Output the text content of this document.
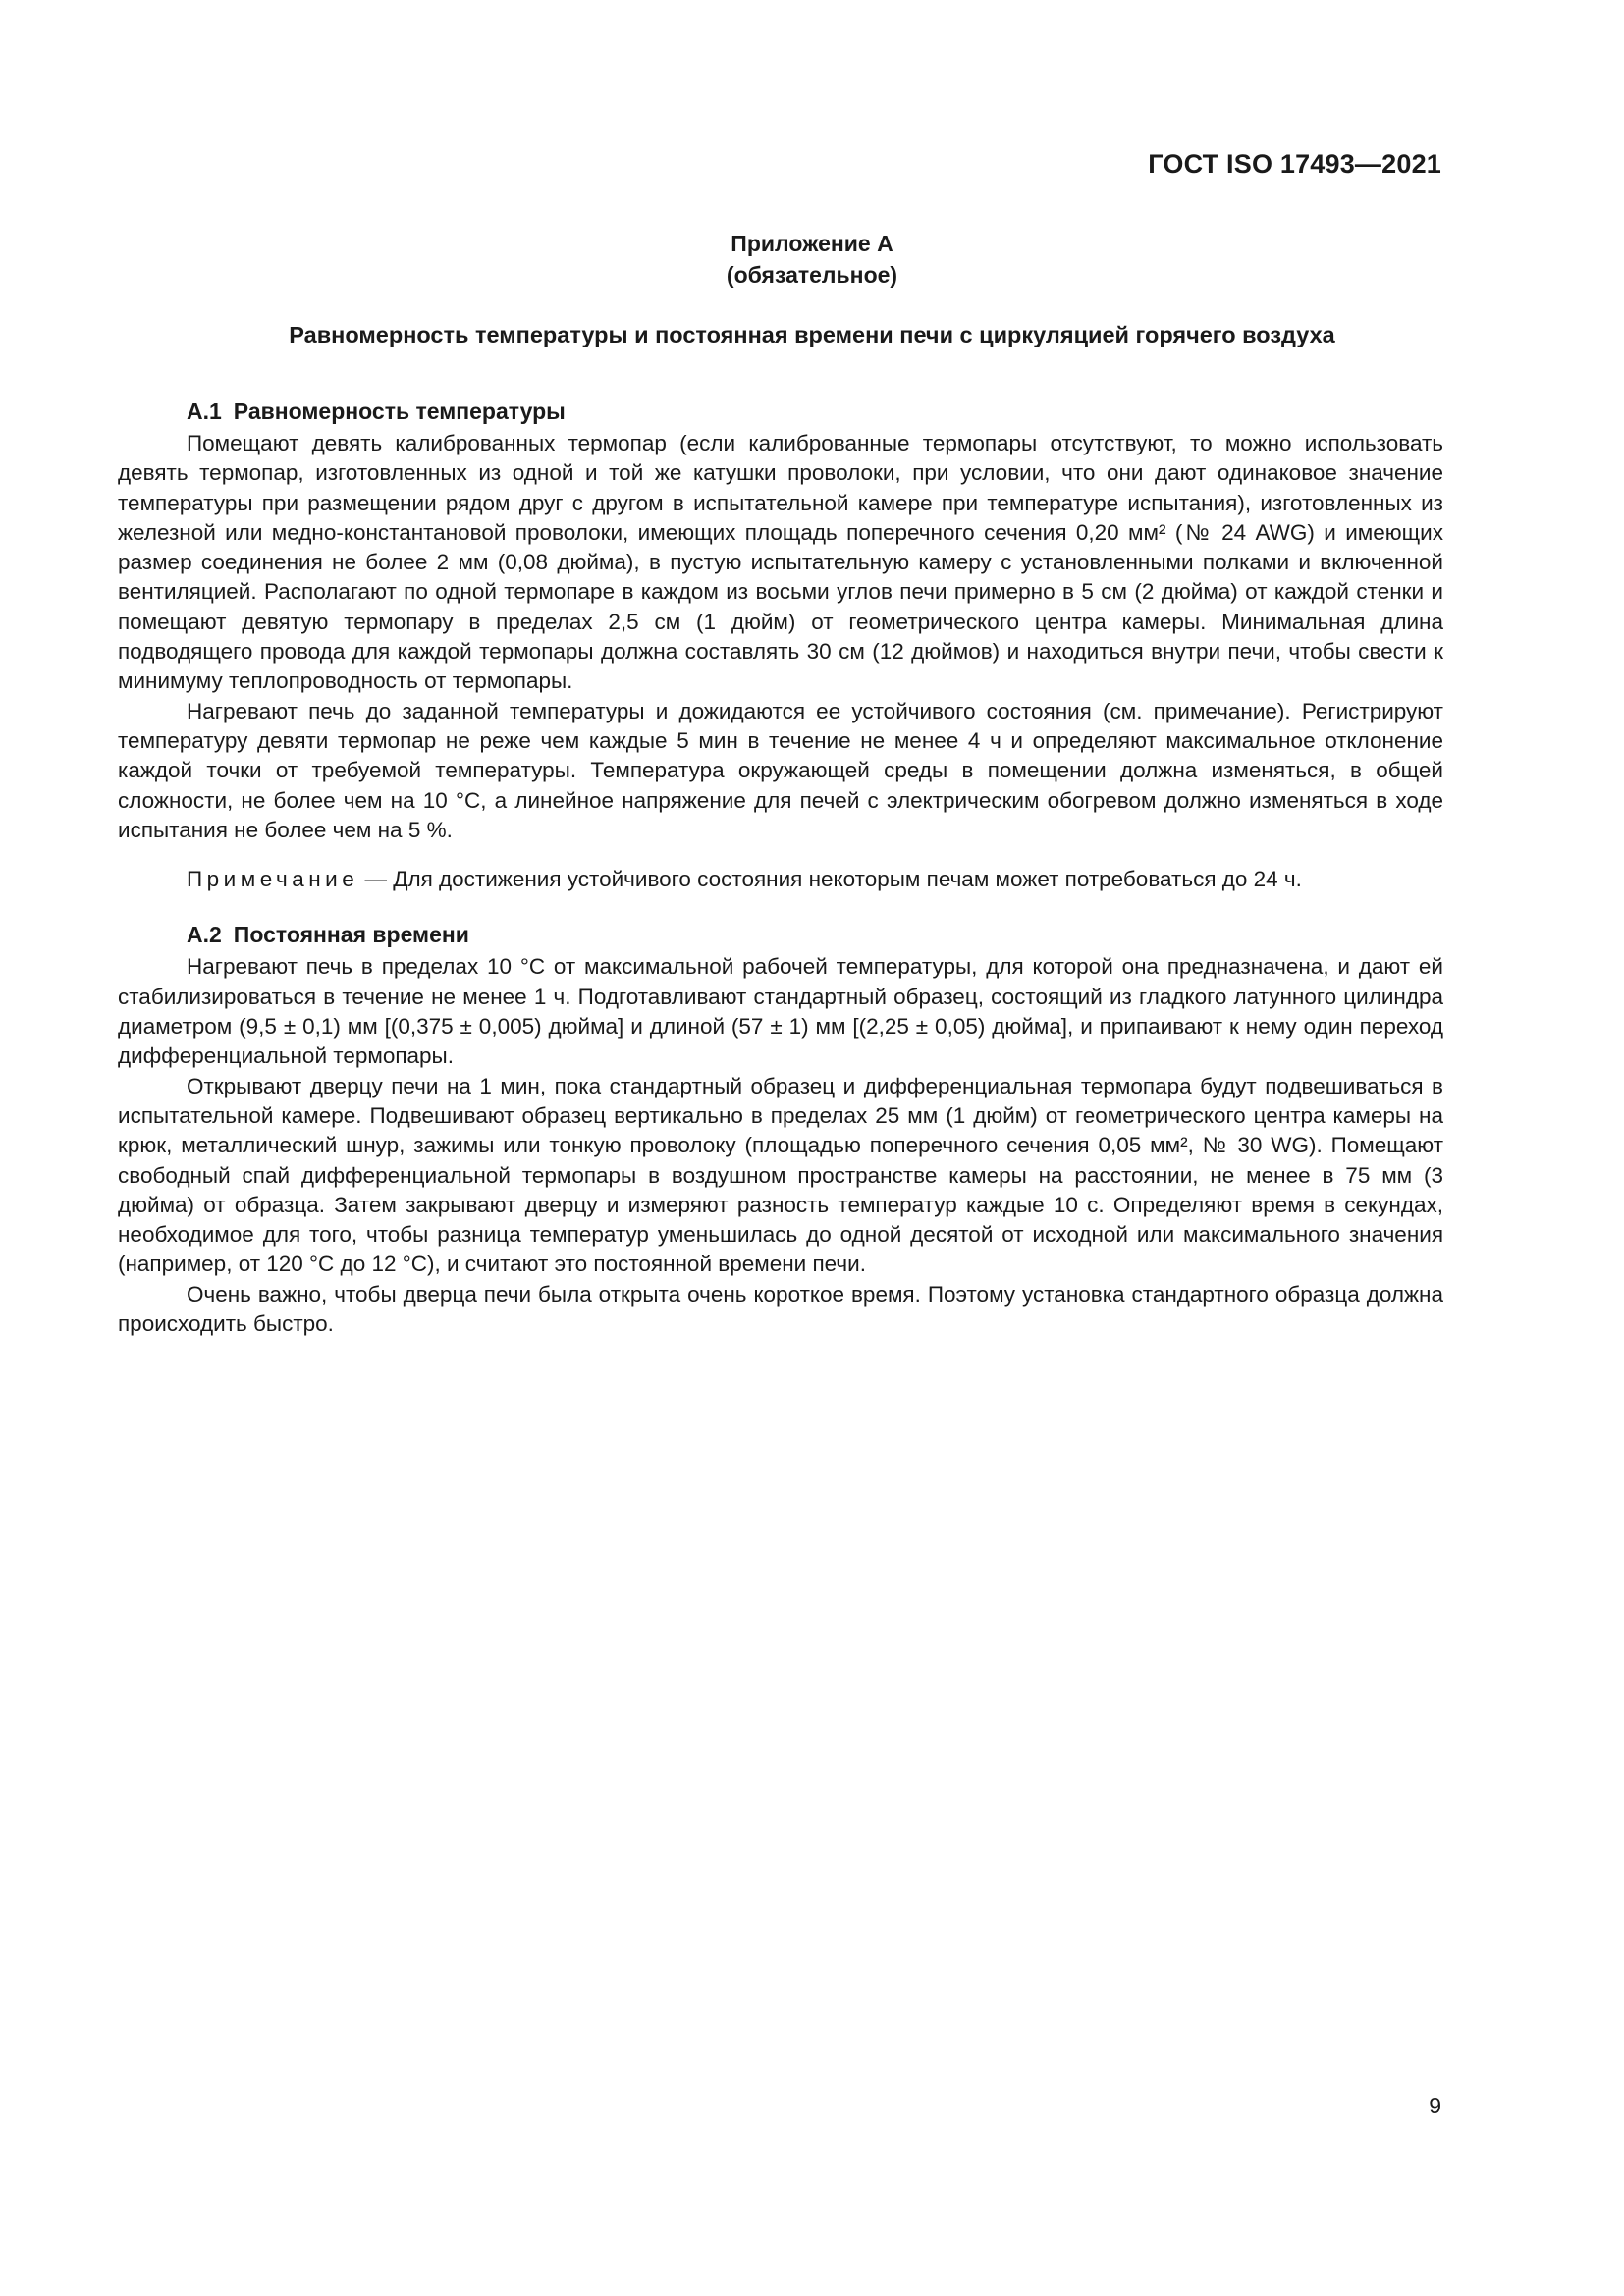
ГОСТ ISO 17493—2021
Приложение А
(обязательное)
Равномерность температуры и постоянная времени печи с циркуляцией горячего воздуха
А.1 Равномерность температуры

Помещают девять калиброванных термопар (если калиброванные термопары отсутствуют, то можно использовать девять термопар, изготовленных из одной и той же катушки проволоки, при условии, что они дают одинаковое значение температуры при размещении рядом друг с другом в испытательной камере при температуре испытания), изготовленных из железной или медно-константановой проволоки, имеющих площадь поперечного сечения 0,20 мм² (№ 24 AWG) и имеющих размер соединения не более 2 мм (0,08 дюйма), в пустую испытательную камеру с установленными полками и включенной вентиляцией. Располагают по одной термопаре в каждом из восьми углов печи примерно в 5 см (2 дюйма) от каждой стенки и помещают девятую термопару в пределах 2,5 см (1 дюйм) от геометрического центра камеры. Минимальная длина подводящего провода для каждой термопары должна составлять 30 см (12 дюймов) и находиться внутри печи, чтобы свести к минимуму теплопроводность от термопары.

Нагревают печь до заданной температуры и дожидаются ее устойчивого состояния (см. примечание). Регистрируют температуру девяти термопар не реже чем каждые 5 мин в течение не менее 4 ч и определяют максимальное отклонение каждой точки от требуемой температуры. Температура окружающей среды в помещении должна изменяться, в общей сложности, не более чем на 10 °С, а линейное напряжение для печей с электрическим обогревом должно изменяться в ходе испытания не более чем на 5 %.

Примечание — Для достижения устойчивого состояния некоторым печам может потребоваться до 24 ч.

А.2 Постоянная времени

Нагревают печь в пределах 10 °С от максимальной рабочей температуры, для которой она предназначена, и дают ей стабилизироваться в течение не менее 1 ч. Подготавливают стандартный образец, состоящий из гладкого латунного цилиндра диаметром (9,5 ± 0,1) мм [(0,375 ± 0,005) дюйма] и длиной (57 ± 1) мм [(2,25 ± 0,05) дюйма], и припаивают к нему один переход дифференциальной термопары.

Открывают дверцу печи на 1 мин, пока стандартный образец и дифференциальная термопара будут подвешиваться в испытательной камере. Подвешивают образец вертикально в пределах 25 мм (1 дюйм) от геометрического центра камеры на крюк, металлический шнур, зажимы или тонкую проволоку (площадью поперечного сечения 0,05 мм², № 30 WG). Помещают свободный спай дифференциальной термопары в воздушном пространстве камеры на расстоянии, не менее в 75 мм (3 дюйма) от образца. Затем закрывают дверцу и измеряют разность температур каждые 10 с. Определяют время в секундах, необходимое для того, чтобы разница температур уменьшилась до одной десятой от исходной или максимального значения (например, от 120 °С до 12 °С), и считают это постоянной времени печи.

Очень важно, чтобы дверца печи была открыта очень короткое время. Поэтому установка стандартного образца должна происходить быстро.

9
